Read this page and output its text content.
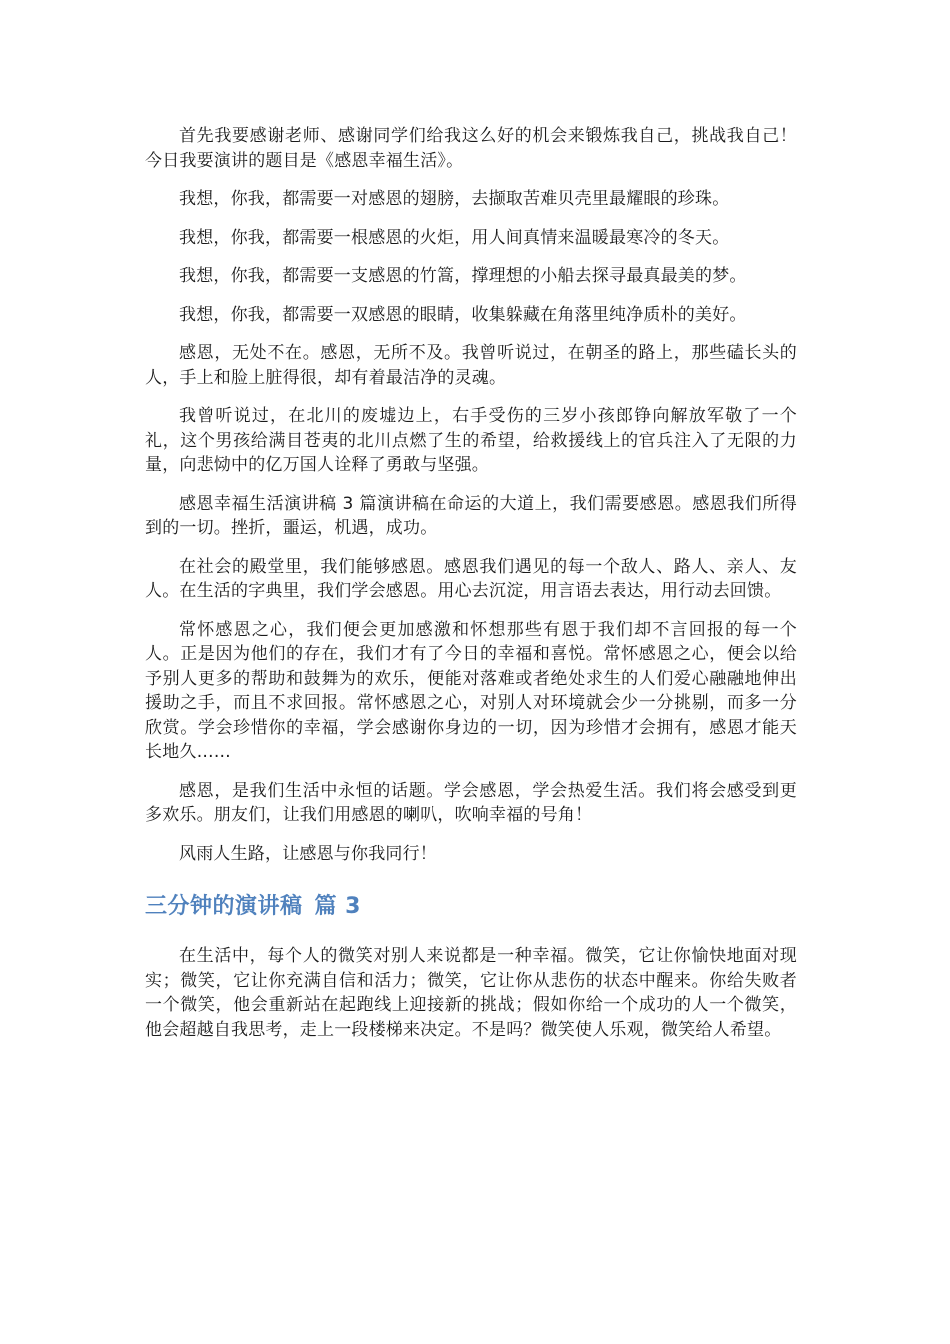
首先我要感谢老师、感谢同学们给我这么好的机会来锻炼我自己，挑战我自己！今日我要演讲的题目是《感恩幸福生活》。

我想，你我，都需要一对感恩的翅膀，去撷取苦难贝壳里最耀眼的珍珠。

我想，你我，都需要一根感恩的火炬，用人间真情来温暖最寒冷的冬天。

我想，你我，都需要一支感恩的竹篙，撑理想的小船去探寻最真最美的梦。

我想，你我，都需要一双感恩的眼睛，收集躲藏在角落里纯净质朴的美好。

感恩，无处不在。感恩，无所不及。我曾听说过，在朝圣的路上，那些磕长头的人，手上和脸上脏得很，却有着最洁净的灵魂。

我曾听说过，在北川的废墟边上，右手受伤的三岁小孩郎铮向解放军敬了一个礼，这个男孩给满目苍夷的北川点燃了生的希望，给救援线上的官兵注入了无限的力量，向悲恸中的亿万国人诠释了勇敢与坚强。

感恩幸福生活演讲稿 3 篇演讲稿在命运的大道上，我们需要感恩。感恩我们所得到的一切。挫折，噩运，机遇，成功。

在社会的殿堂里，我们能够感恩。感恩我们遇见的每一个敌人、路人、亲人、友人。在生活的字典里，我们学会感恩。用心去沉淀，用言语去表达，用行动去回馈。

常怀感恩之心，我们便会更加感激和怀想那些有恩于我们却不言回报的每一个人。正是因为他们的存在，我们才有了今日的幸福和喜悦。常怀感恩之心，便会以给予别人更多的帮助和鼓舞为的欢乐，便能对落难或者绝处求生的人们爱心融融地伸出援助之手，而且不求回报。常怀感恩之心，对别人对环境就会少一分挑剔，而多一分欣赏。学会珍惜你的幸福，学会感谢你身边的一切，因为珍惜才会拥有，感恩才能天长地久……

感恩，是我们生活中永恒的话题。学会感恩，学会热爱生活。我们将会感受到更多欢乐。朋友们，让我们用感恩的喇叭，吹响幸福的号角！

风雨人生路，让感恩与你我同行！

三分钟的演讲稿 篇 3

在生活中，每个人的微笑对别人来说都是一种幸福。微笑，它让你愉快地面对现实；微笑，它让你充满自信和活力；微笑，它让你从悲伤的状态中醒来。你给失败者一个微笑，他会重新站在起跑线上迎接新的挑战；假如你给一个成功的人一个微笑，他会超越自我思考，走上一段楼梯来决定。不是吗？微笑使人乐观，微笑给人希望。
